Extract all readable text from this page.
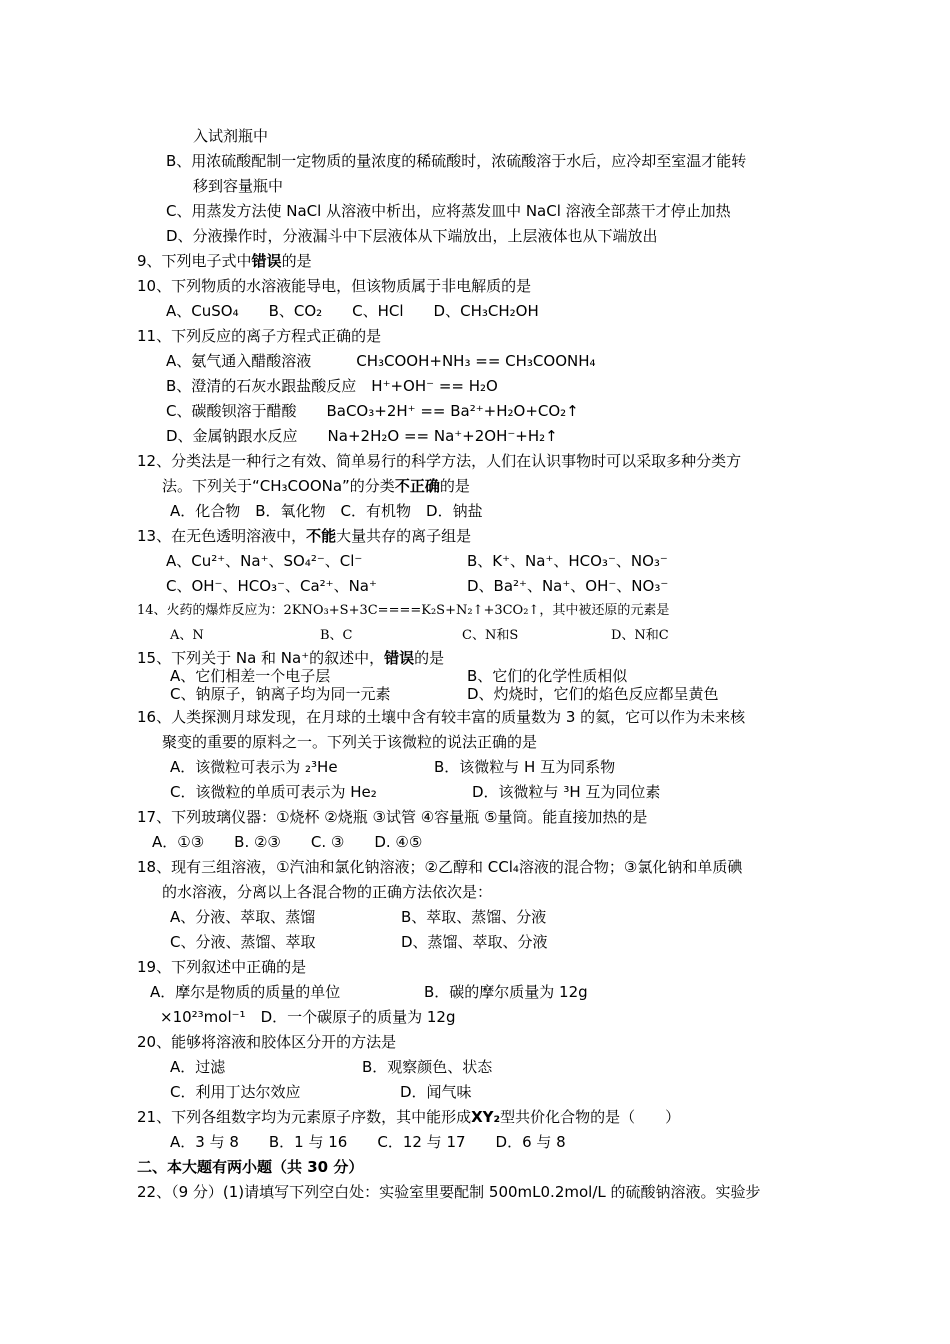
入试剂瓶中
B、用浓硫酸配制一定物质的量浓度的稀硫酸时，浓硫酸溶于水后，应冷却至室温才能转
移到容量瓶中
C、用蒸发方法使 NaCl 从溶液中析出，应将蒸发皿中 NaCl 溶液全部蒸干才停止加热
D、分液操作时，分液漏斗中下层液体从下端放出，上层液体也从下端放出
9、下列电子式中错误的是
10、下列物质的水溶液能导电，但该物质属于非电解质的是
A、CuSO₄　　B、CO₂　　C、HCl　　D、CH₃CH₂OH
11、下列反应的离子方程式正确的是
A、氨气通入醋酸溶液　　　CH₃COOH+NH₃ == CH₃COONH₄
B、澄清的石灰水跟盐酸反应　H⁺+OH⁻ == H₂O
C、碳酸钡溶于醋酸　　BaCO₃+2H⁺ == Ba²⁺+H₂O+CO₂↑
D、金属钠跟水反应　　Na+2H₂O == Na⁺+2OH⁻+H₂↑
12、分类法是一种行之有效、简单易行的科学方法，人们在认识事物时可以采取多种分类方
法。下列关于“CH₃COONa”的分类不正确的是
A．化合物　B．氧化物　C．有机物　D．钠盐
13、在无色透明溶液中，不能大量共存的离子组是
A、Cu²⁺、Na⁺、SO₄²⁻、Cl⁻	B、K⁺、Na⁺、HCO₃⁻、NO₃⁻
C、OH⁻、HCO₃⁻、Ca²⁺、Na⁺	D、Ba²⁺、Na⁺、OH⁻、NO₃⁻
14、火药的爆炸反应为：2KNO₃+S+3C====K₂S+N₂↑+3CO₂↑，其中被还原的元素是
A、N	B、C	C、N和S	D、N和C
15、下列关于 Na 和 Na⁺的叙述中，错误的是
A、它们相差一个电子层	B、它们的化学性质相似
C、钠原子，钠离子均为同一元素	D、灼烧时，它们的焰色反应都呈黄色
16、人类探测月球发现，在月球的土壤中含有较丰富的质量数为 3 的氦，它可以作为未来核
聚变的重要的原料之一。下列关于该微粒的说法正确的是
A．该微粒可表示为 ₂³He	B．该微粒与 H 互为同系物
C．该微粒的单质可表示为 He₂	D．该微粒与 ³H 互为同位素
17、下列玻璃仪器：①烧杯 ②烧瓶 ③试管 ④容量瓶 ⑤量筒。能直接加热的是
A．①③　　B. ②③　　C. ③　　D. ④⑤
18、现有三组溶液，①汽油和氯化钠溶液；②乙醇和 CCl₄溶液的混合物；③氯化钠和单质碘
的水溶液，分离以上各混合物的正确方法依次是：
A、分液、萃取、蒸馏	B、萃取、蒸馏、分液
C、分液、蒸馏、萃取	D、蒸馏、萃取、分液
19、下列叙述中正确的是
A．摩尔是物质的质量的单位	B．碳的摩尔质量为 12g
×10²³mol⁻¹　D．一个碳原子的质量为 12g
20、能够将溶液和胶体区分开的方法是
A．过滤	B．观察颜色、状态
C．利用丁达尔效应	D．闻气味
21、下列各组数字均为元素原子序数，其中能形成XY₂型共价化合物的是（　　）
A．3 与 8　　B．1 与 16　　C．12 与 17　　D．6 与 8
二、本大题有两小题（共 30 分）
22、（9 分）(1)请填写下列空白处：实验室里要配制 500mL0.2mol/L 的硫酸钠溶液。实验步
